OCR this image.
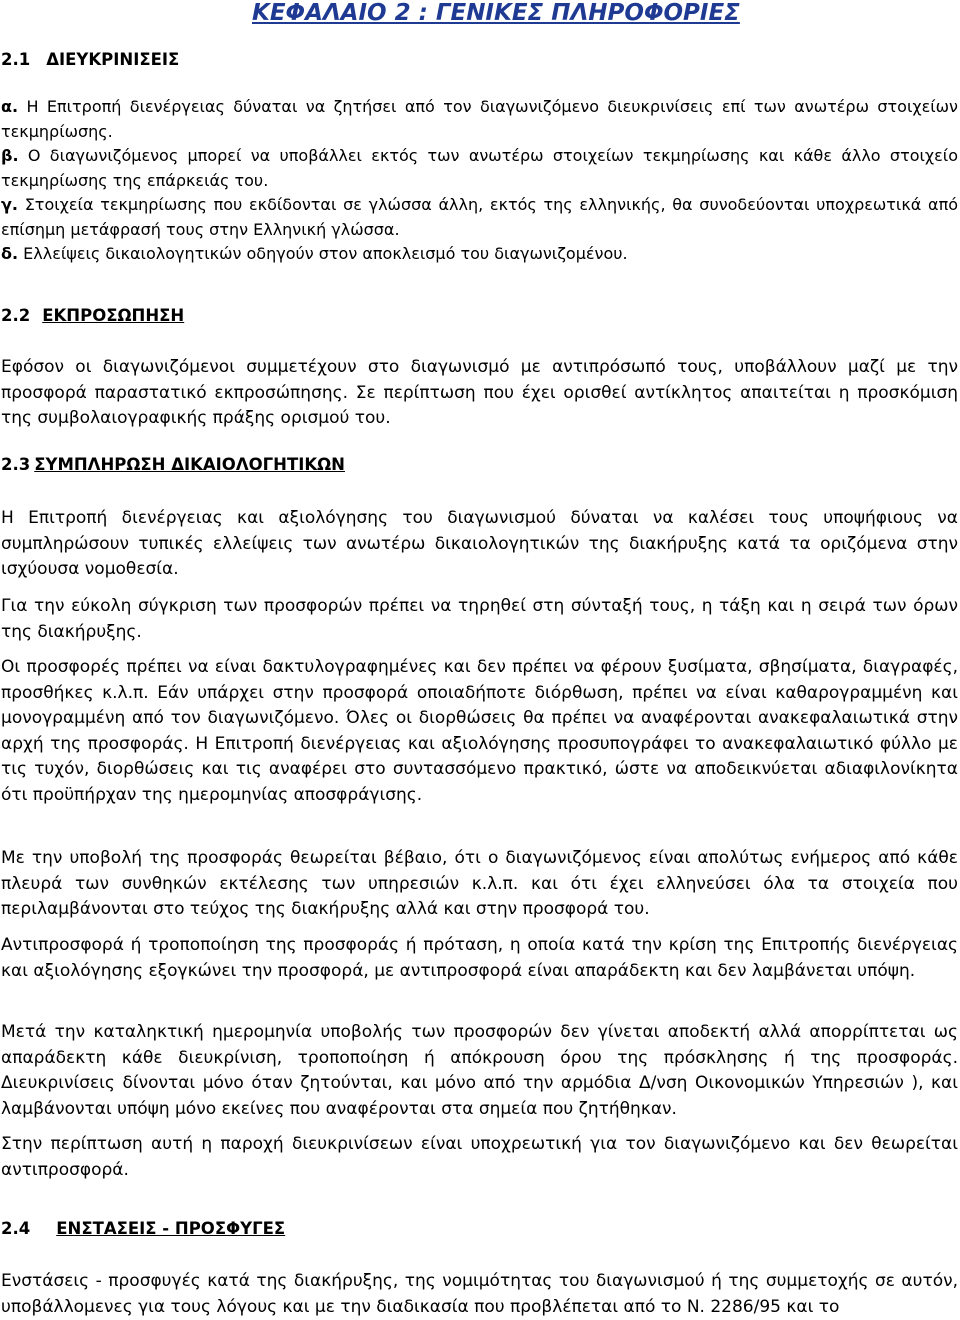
ΚΕΦΑΛΑΙΟ 2 : ΓΕΝΙΚΕΣ ΠΛΗΡΟΦΟΡΙΕΣ
2.1 ΔΙΕΥΚΡΙΝΙΣΕΙΣ
α. Η Επιτροπή διενέργειας δύναται να ζητήσει από τον διαγωνιζόμενο διευκρινίσεις επί των ανωτέρω στοιχείων τεκμηρίωσης.
β. Ο διαγωνιζόμενος μπορεί να υποβάλλει εκτός των ανωτέρω στοιχείων τεκμηρίωσης και κάθε άλλο στοιχείο τεκμηρίωσης της επάρκειάς του.
γ. Στοιχεία τεκμηρίωσης που εκδίδονται σε γλώσσα άλλη, εκτός της ελληνικής, θα συνοδεύονται υποχρεωτικά από επίσημη μετάφρασή τους στην Ελληνική γλώσσα.
δ. Ελλείψεις δικαιολογητικών οδηγούν στον αποκλεισμό του διαγωνιζομένου.
2.2 ΕΚΠΡΟΣΩΠΗΣΗ
Εφόσον οι διαγωνιζόμενοι συμμετέχουν στο διαγωνισμό με αντιπρόσωπό τους, υποβάλλουν μαζί με την προσφορά παραστατικό εκπροσώπησης. Σε περίπτωση που έχει ορισθεί αντίκλητος απαιτείται η προσκόμιση της συμβολαιογραφικής πράξης ορισμού του.
2.3 ΣΥΜΠΛΗΡΩΣΗ ΔΙΚΑΙΟΛΟΓΗΤΙΚΩΝ
Η Επιτροπή διενέργειας και αξιολόγησης του διαγωνισμού δύναται να καλέσει τους υποψήφιους να συμπληρώσουν τυπικές ελλείψεις των ανωτέρω δικαιολογητικών της διακήρυξης κατά τα οριζόμενα στην ισχύουσα νομοθεσία.
Για την εύκολη σύγκριση των προσφορών πρέπει να τηρηθεί στη σύνταξή τους, η τάξη και η σειρά των όρων της διακήρυξης.
Οι προσφορές πρέπει να είναι δακτυλογραφημένες και δεν πρέπει να φέρουν ξυσίματα, σβησίματα, διαγραφές, προσθήκες κ.λ.π. Εάν υπάρχει στην προσφορά οποιαδήποτε διόρθωση, πρέπει να είναι καθαρογραμμένη και μονογραμμένη από τον διαγωνιζόμενο. Όλες οι διορθώσεις θα πρέπει να αναφέρονται ανακεφαλαιωτικά στην αρχή της προσφοράς. Η Επιτροπή διενέργειας και αξιολόγησης προσυπογράφει το ανακεφαλαιωτικό φύλλο με τις τυχόν, διορθώσεις και τις αναφέρει στο συντασσόμενο πρακτικό, ώστε να αποδεικνύεται αδιαφιλονίκητα ότι προϋπήρχαν της ημερομηνίας αποσφράγισης.
Με την υποβολή της προσφοράς θεωρείται βέβαιο, ότι ο διαγωνιζόμενος είναι απολύτως ενήμερος από κάθε πλευρά των συνθηκών εκτέλεσης των υπηρεσιών κ.λ.π. και ότι έχει ελληνεύσει όλα τα στοιχεία που περιλαμβάνονται στο τεύχος της διακήρυξης αλλά και στην προσφορά του.
Αντιπροσφορά ή τροποποίηση της προσφοράς ή πρόταση, η οποία κατά την κρίση της Επιτροπής διενέργειας και αξιολόγησης εξογκώνει την προσφορά, με αντιπροσφορά είναι απαράδεκτη και δεν λαμβάνεται υπόψη.
Μετά την καταληκτική ημερομηνία υποβολής των προσφορών δεν γίνεται αποδεκτή αλλά απορρίπτεται ως απαράδεκτη κάθε διευκρίνιση, τροποποίηση ή απόκρουση όρου της πρόσκλησης ή της προσφοράς. Διευκρινίσεις δίνονται μόνο όταν ζητούνται, και μόνο από την αρμόδια Δ/νση Οικονομικών Υπηρεσιών ), και λαμβάνονται υπόψη μόνο εκείνες που αναφέρονται στα σημεία που ζητήθηκαν.
Στην περίπτωση αυτή η παροχή διευκρινίσεων είναι υποχρεωτική για τον διαγωνιζόμενο και δεν θεωρείται αντιπροσφορά.
2.4 ΕΝΣΤΑΣΕΙΣ - ΠΡΟΣΦΥΓΕΣ
Ενστάσεις - προσφυγές κατά της διακήρυξης, της νομιμότητας του διαγωνισμού ή της συμμετοχής σε αυτόν, υποβάλλομενες για τους λόγους και με την διαδικασία που προβλέπεται από το Ν. 2286/95 και το
